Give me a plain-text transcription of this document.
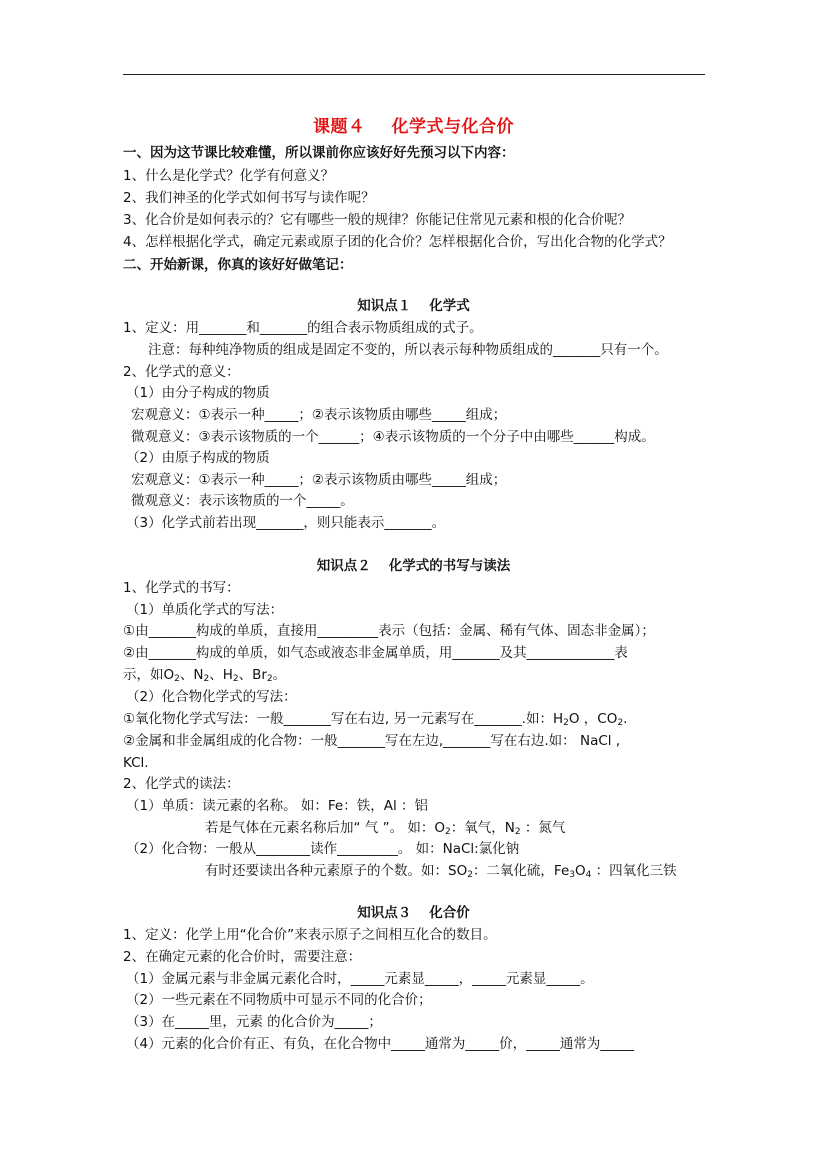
课题４ 化学式与化合价
一、因为这节课比较难懂，所以课前你应该好好先预习以下内容：
1、什么是化学式？化学有何意义？
2、我们神圣的化学式如何书写与读作呢？
3、化合价是如何表示的？它有哪些一般的规律？你能记住常见元素和根的化合价呢？
4、怎样根据化学式，确定元素或原子团的化合价？怎样根据化合价，写出化合物的化学式？
二、开始新课，你真的该好好做笔记：
知识点１ 化学式
1、定义：用_______和_______的组合表示物质组成的式子。
注意：每种纯净物质的组成是固定不变的，所以表示每种物质组成的_______只有一个。
2、化学式的意义：
（1）由分子构成的物质
宏观意义：①表示一种_____；②表示该物质由哪些_____组成；
微观意义：③表示该物质的一个______；④表示该物质的一个分子中由哪些______构成。
（2）由原子构成的物质
宏观意义：①表示一种_____；②表示该物质由哪些_____组成；
微观意义：表示该物质的一个_____。
（3）化学式前若出现_______，则只能表示_______。
知识点２ 化学式的书写与读法
1、化学式的书写：
（1）单质化学式的写法：
①由_______构成的单质，直接用_________表示（包括：金属、稀有气体、固态非金属）；
②由_______构成的单质，如气态或液态非金属单质，用_______及其_____________表
示，如$O_2$、$N_2$、$H_2$、$Br_2$。
（2）化合物化学式的写法：
①氧化物化学式写法：一般_______写在右边, 另一元素写在_______.如：$H_2O$ ，$CO_2$.
②金属和非金属组成的化合物：一般_______写在左边,_______写在右边.如： NaCl ,
KCl.
2、化学式的读法：
（1）单质：读元素的名称。 如：Fe：铁，Al ：铝
若是气体在元素名称后加“ 气 ”。 如：$O_2$：氧气，$N_2$ ：氮气
（2）化合物：一般从________读作_________。 如：NaCl:氯化钠
有时还要读出各种元素原子的个数。如：$SO_2$：二氧化硫，$Fe_3O_4$ ：四氧化三铁
知识点３ 化合价
1、定义：化学上用“化合价”来表示原子之间相互化合的数目。
2、在确定元素的化合价时，需要注意：
（1）金属元素与非金属元素化合时，_____元素显_____，_____元素显_____。
（2）一些元素在不同物质中可显示不同的化合价；
（3）在_____里，元素 的化合价为_____；
（4）元素的化合价有正、有负，在化合物中_____通常为_____价，_____通常为_____
